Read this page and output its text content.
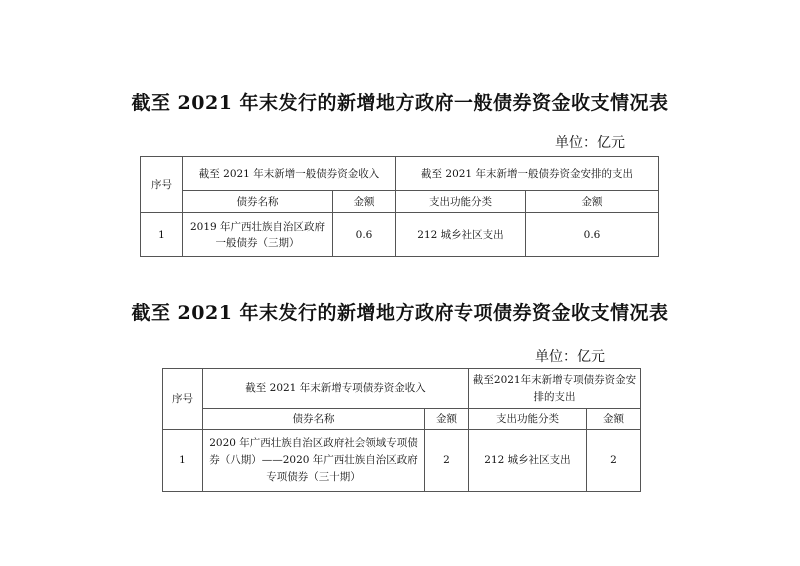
截至 2021 年末发行的新增地方政府一般债券资金收支情况表
单位：亿元
序号	截至 2021 年末新增一般债券资金收入		截至 2021 年末新增一般债券资金安排的支出	
	债券名称	金额	支出功能分类	金额
1	2019 年广西壮族自治区政府一般债券（三期）	0.6	212 城乡社区支出	0.6
截至 2021 年末发行的新增地方政府专项债券资金收支情况表
单位：亿元
序号	截至 2021 年末新增专项债券资金收入		截至2021年末新增专项债券资金安排的支出	
	债券名称	金额	支出功能分类	金额
1	2020 年广西壮族自治区政府社会领域专项债券（八期）——2020 年广西壮族自治区政府专项债券（三十期）	2	212 城乡社区支出	2
